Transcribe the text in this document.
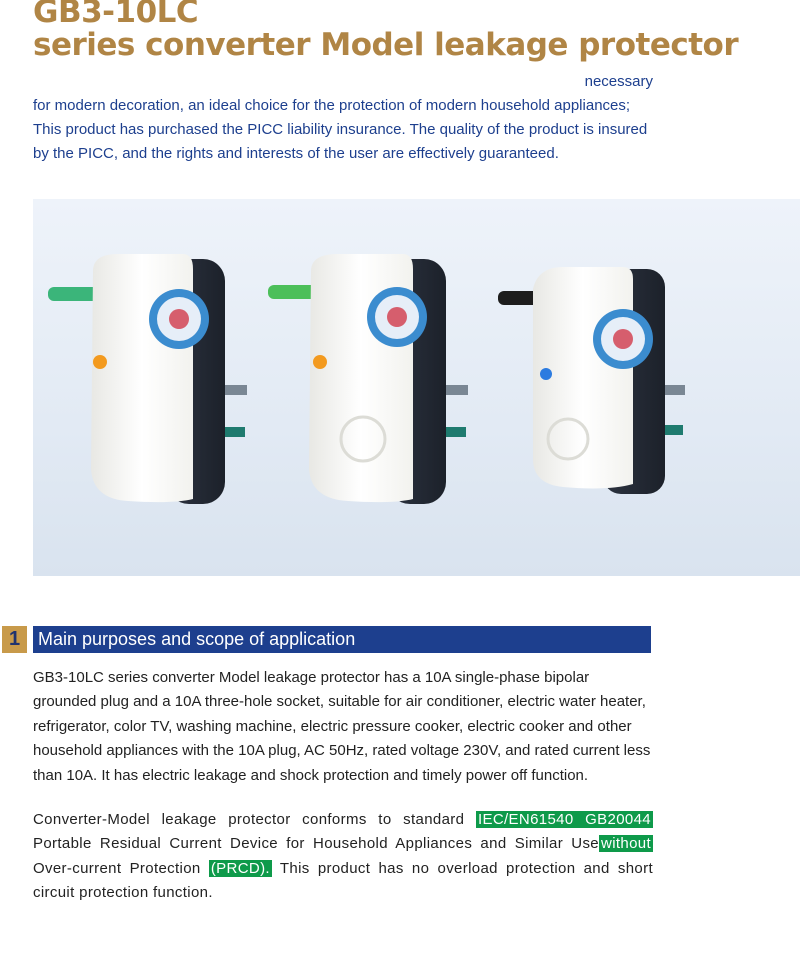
GB3-10LC
series converter Model leakage protector
necessary
for modern decoration, an ideal choice for the protection of modern household appliances; This product has purchased the PICC liability insurance. The quality of the product is insured by the PICC, and the rights and interests of the user are effectively guaranteed.
1 Main purposes and scope of application

GB3-10LC series converter Model leakage protector has a 10A single-phase bipolar grounded plug and a 10A three-hole socket, suitable for air conditioner, electric water heater, refrigerator, color TV, washing machine, electric pressure cooker, electric cooker and other household appliances with the 10A plug, AC 50Hz, rated voltage 230V, and rated current less than 10A. It has electric leakage and shock protection and timely power off function.

Converter-Model leakage protector conforms to standard IEC/EN61540 GB20044 Portable Residual Current Device for Household Appliances and Similar Use without Over-current Protection (PRCD). This product has no overload protection and short circuit protection function.
